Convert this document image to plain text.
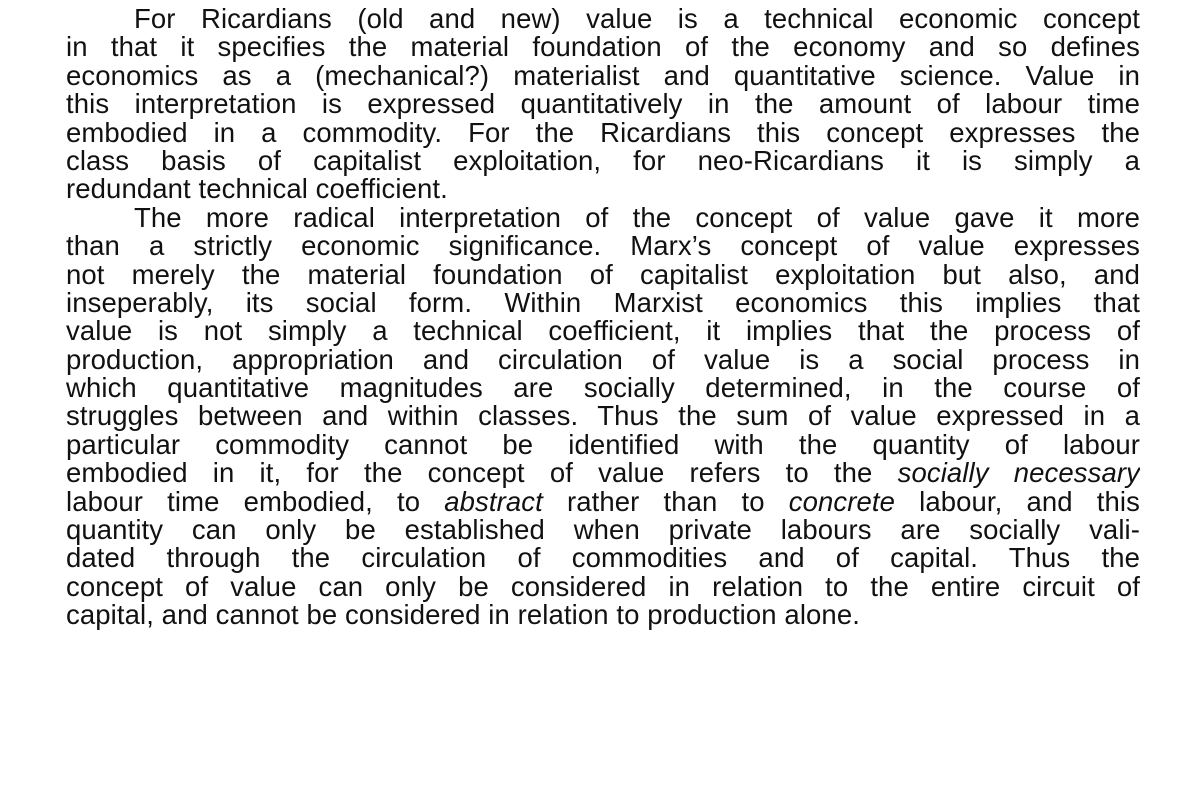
For Ricardians (old and new) value is a technical economic concept
in that it specifies the material foundation of the economy and so defines
economics as a (mechanical?) materialist and quantitative science. Value in
this interpretation is expressed quantitatively in the amount of labour time
embodied in a commodity. For the Ricardians this concept expresses the
class basis of capitalist exploitation, for neo-Ricardians it is simply a
redundant technical coefficient.
The more radical interpretation of the concept of value gave it more
than a strictly economic significance. Marx’s concept of value expresses
not merely the material foundation of capitalist exploitation but also, and
inseperably, its social form. Within Marxist economics this implies that
value is not simply a technical coefficient, it implies that the process of
production, appropriation and circulation of value is a social process in
which quantitative magnitudes are socially determined, in the course of
struggles between and within classes. Thus the sum of value expressed in a
particular commodity cannot be identified with the quantity of labour
embodied in it, for the concept of value refers to the socially necessary
labour time embodied, to abstract rather than to concrete labour, and this
quantity can only be established when private labours are socially vali-
dated through the circulation of commodities and of capital. Thus the
concept of value can only be considered in relation to the entire circuit of
capital, and cannot be considered in relation to production alone.
